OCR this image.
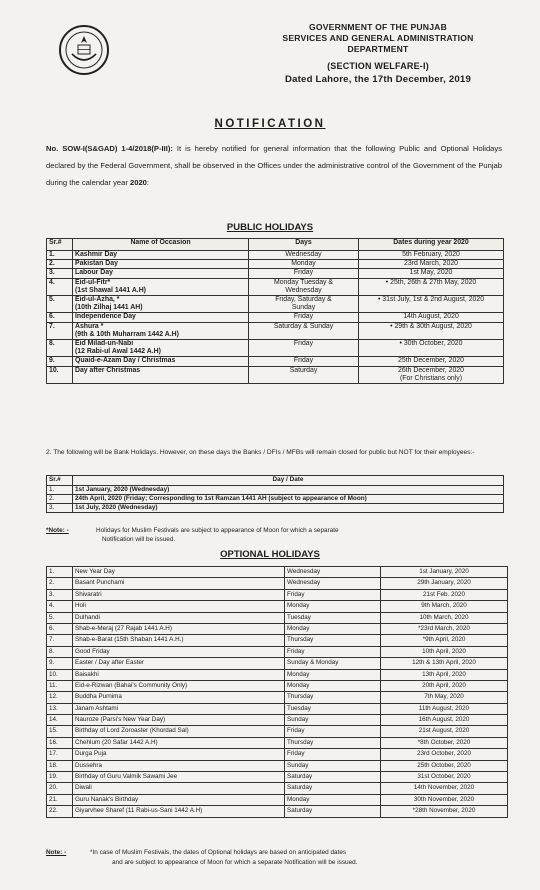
GOVERNMENT OF THE PUNJAB
SERVICES AND GENERAL ADMINISTRATION
DEPARTMENT
(SECTION WELFARE-I)
Dated Lahore, the 17th December, 2019
NOTIFICATION
No. SOW-I(S&GAD) 1-4/2018(P-III): It is hereby notified for general information that the following Public and Optional Holidays declared by the Federal Government, shall be observed in the Offices under the administrative control of the Government of the Punjab during the calendar year 2020:
PUBLIC HOLIDAYS
Sr.#	Name of Occasion	Days	Dates during year 2020
1.	Kashmir Day	Wednesday	5th February, 2020
2.	Pakistan Day	Monday	23rd March, 2020
3.	Labour Day	Friday	1st May, 2020
4.	Eid-ul-Fitr*
(1st Shawal 1441 A.H)	Monday Tuesday &
Wednesday	• 25th, 26th & 27th May, 2020
5.	Eid-ul-Azha, *
(10th Zilhaj 1441 AH)	Friday, Saturday &
Sunday	• 31st July, 1st & 2nd August, 2020
6.	Independence Day	Friday	14th August, 2020
7.	Ashura *
(9th & 10th Muharram 1442 A.H)	Saturday & Sunday	• 29th & 30th August, 2020
8.	Eid Milad-un-Nabi
(12 Rabi-ul Awal 1442 A.H)	Friday	• 30th October, 2020
9.	Quaid-e-Azam Day / Christmas	Friday	25th December, 2020
10.	Day after Christmas	Saturday	26th December, 2020
(For Christians only)
2. The following will be Bank Holidays. However, on these days the Banks / DFIs / MFBs will remain closed for public but NOT for their employees:-
Sr.#	Day / Date
1.	1st January, 2020 (Wednesday)
2.	24th April, 2020 (Friday; Corresponding to 1st Ramzan 1441 AH (subject to appearance of Moon)
3.	1st July, 2020 (Wednesday)
*Note: -	Holidays for Muslim Festivals are subject to appearance of Moon for which a separate
Notification will be issued.
OPTIONAL HOLIDAYS
1.	New Year Day	Wednesday	1st January, 2020
2.	Basant Punchami	Wednesday	29th January, 2020
3.	Shivaratri	Friday	21st Feb. 2020
4.	Holi	Monday	9th March, 2020
5.	Dulhandi	Tuesday	10th March, 2020
6.	Shab-e-Meraj (27 Rajab 1441 A.H)	Monday	*23rd March, 2020
7.	Shab-e-Barat (15th Shaban 1441 A.H.)	Thursday	*9th April, 2020
8.	Good Friday	Friday	10th April, 2020
9.	Easter / Day after Easter	Sunday & Monday	12th & 13th April, 2020
10.	Baisakhi	Monday	13th April, 2020
11.	Eid-e-Rizwan (Bahai's Community Only)	Monday	20th April, 2020
12.	Buddha Purnima	Thursday	7th May, 2020
13.	Janam Ashtami	Tuesday	11th August, 2020
14.	Nauroze (Parsi's New Year Day)	Sunday	16th August, 2020
15.	Birthday of Lord Zoroaster (Khordad Sal)	Friday	21st August, 2020
16.	Chehlum (20 Safar 1442 A.H)	Thursday	*8th October, 2020
17.	Durga Puja	Friday	23rd October, 2020
18.	Dussehra	Sunday	25th October, 2020
19.	Birthday of Guru Valmik Sawami Jee	Saturday	31st October, 2020
20.	Diwali	Saturday	14th November, 2020
21.	Guru Nanak's Birthday	Monday	30th November, 2020
22.	Giyarvhee Sharef (11 Rabi-us-Sani 1442 A.H)	Saturday	*28th November, 2020
Note: -	*In case of Muslim Festivals, the dates of Optional holidays are based on anticipated dates
and are subject to appearance of Moon for which a separate Notification will be issued.
